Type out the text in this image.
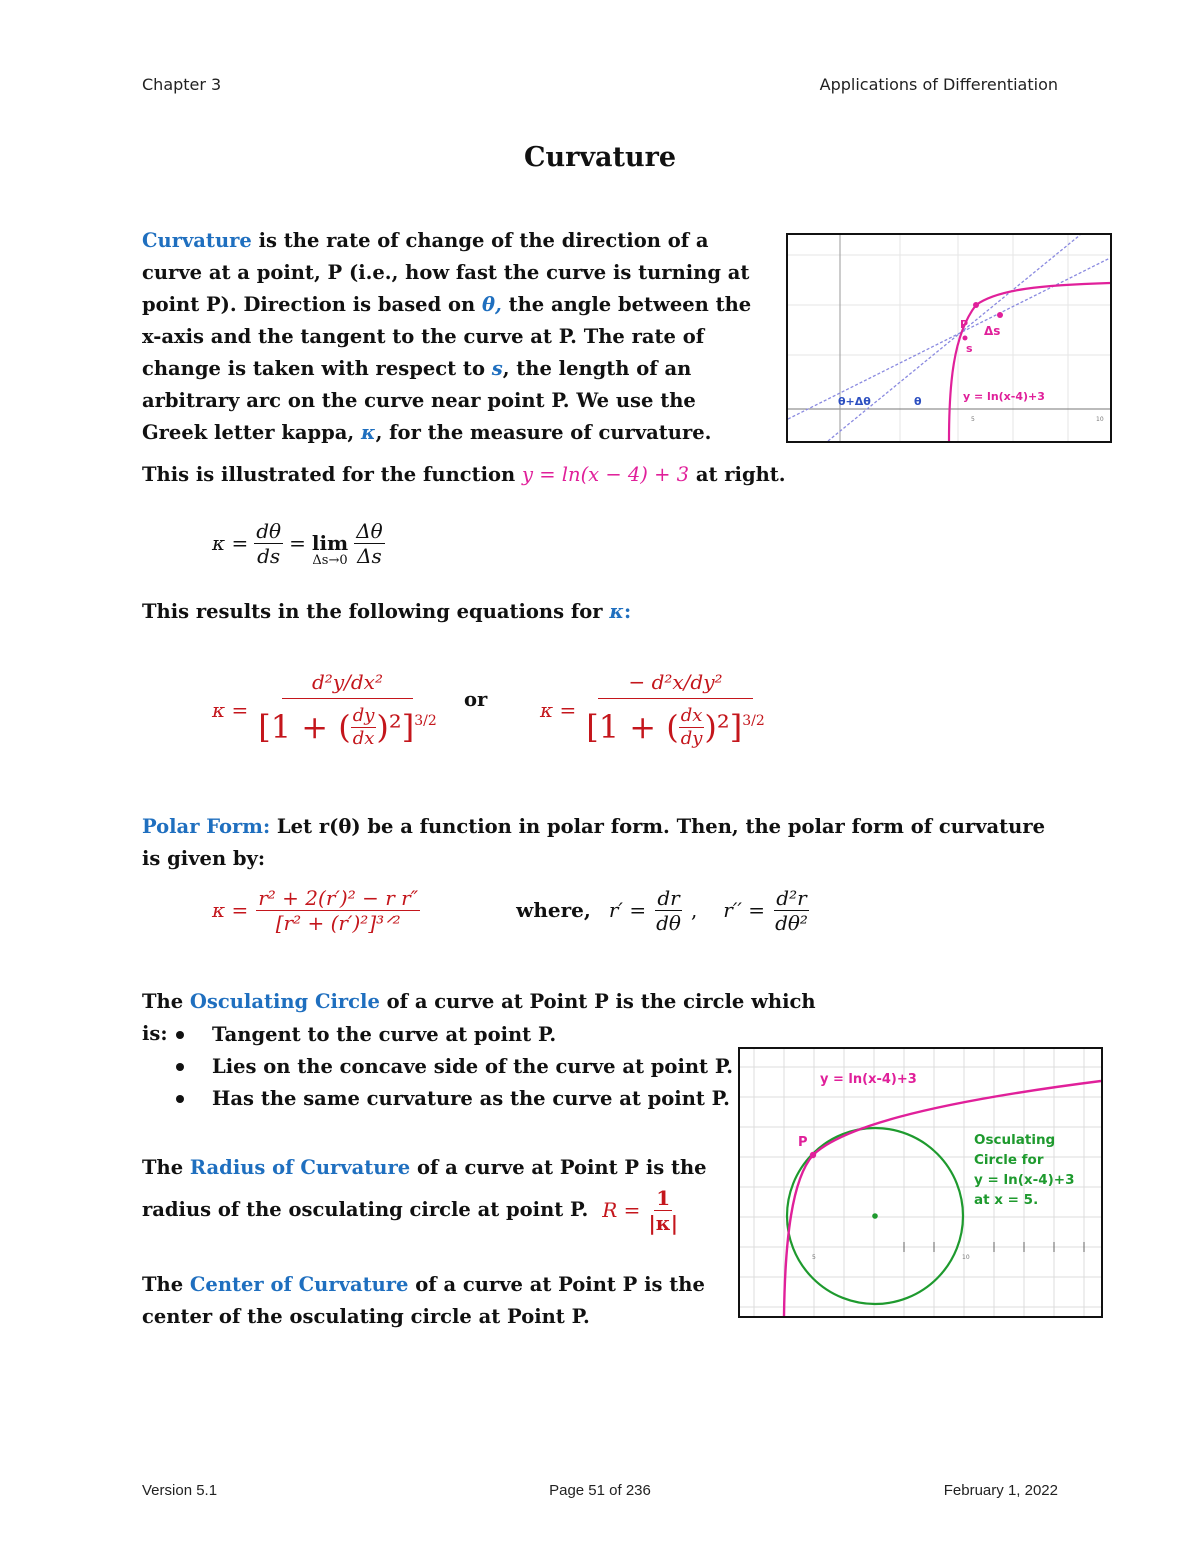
Chapter 3	Applications of Differentiation
Curvature
Curvature is the rate of change of the direction of a curve at a point, P (i.e., how fast the curve is turning at point P). Direction is based on θ, the angle between the x-axis and the tangent to the curve at P. The rate of change is taken with respect to s, the length of an arbitrary arc on the curve near point P. We use the Greek letter kappa, κ, for the measure of curvature.
P
s
Δs
θ+Δθ	θ	y = ln(x-4)+3
5	10
This is illustrated for the function y = ln(x − 4) + 3 at right.
$\kappa = \frac{d\theta}{ds} = \lim$
$\Delta s\to 0 \frac{\Delta\theta}{\Delta s}$
This results in the following equations for κ:
$\kappa = \frac{\text{d²y/dx²}}{[1 + ( \frac{dy}{dx} )^2]^{3/2}}$ or	$\kappa = \frac{\text{− d²x/dy²}}{[1 + ( \frac{dx}{dy} )^2]^{3/2}}$
Polar Form: Let r(θ) be a function in polar form. Then, the polar form of curvature is given by:
$\kappa = \frac{\text{r² + 2(r′)² − r r″}}{\text{[r² + (r′)²]³ᐟ²}}$	where, $r' = \frac{dr}{d\theta}$ , $r'' = \frac{\text{d²r}}{\text{dθ²}}$
The Osculating Circle of a curve at Point P is the circle which is:	Tangent to the curve at point P.
Lies on the concave side of the curve at point P.
Has the same curvature as the curve at point P.
P
y = ln(x-4)+3
Osculating
Circle for
y = ln(x-4)+3
at x = 5.
5	10
The Radius of Curvature of a curve at Point P is the
radius of the osculating circle at point P. $R = \frac{1}{|\kappa|}$
The Center of Curvature of a curve at Point P is the
center of the osculating circle at Point P.
Version 5.1	Page 51 of 236	February 1, 2022
